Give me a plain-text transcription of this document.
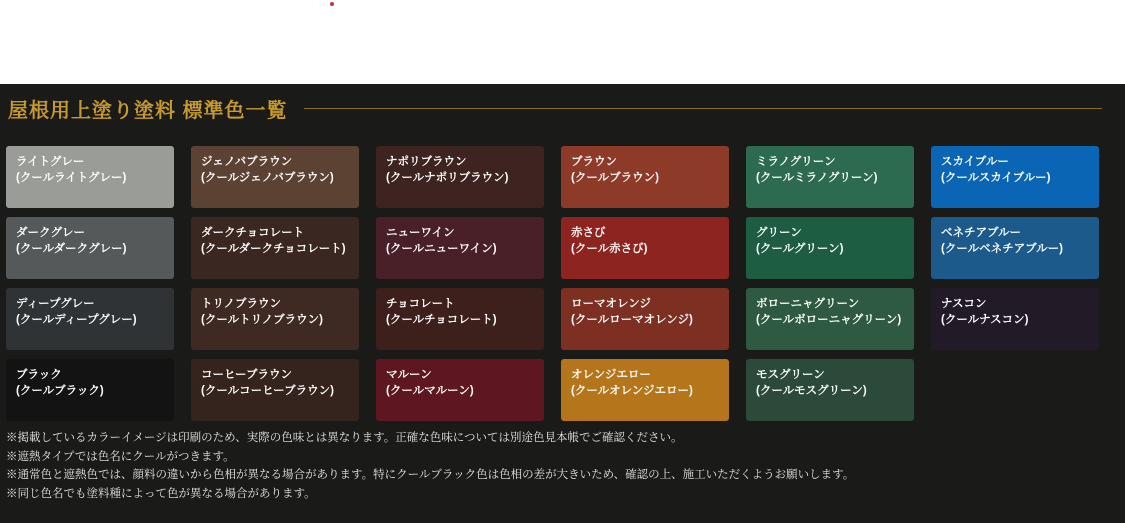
屋根用上塗り塗料 標準色一覧
ライトグレー
(クールライトグレー)
ジェノバブラウン
(クールジェノバブラウン)
ナポリブラウン
(クールナポリブラウン)
ブラウン
(クールブラウン)
ミラノグリーン
(クールミラノグリーン)
スカイブルー
(クールスカイブルー)
ダークグレー
(クールダークグレー)
ダークチョコレート
(クールダークチョコレート)
ニューワイン
(クールニューワイン)
赤さび
(クール赤さび)
グリーン
(クールグリーン)
ベネチアブルー
(クールベネチアブルー)
ディープグレー
(クールディープグレー)
トリノブラウン
(クールトリノブラウン)
チョコレート
(クールチョコレート)
ローマオレンジ
(クールローマオレンジ)
ボローニャグリーン
(クールボローニャグリーン)
ナスコン
(クールナスコン)
ブラック
(クールブラック)
コーヒーブラウン
(クールコーヒーブラウン)
マルーン
(クールマルーン)
オレンジエロー
(クールオレンジエロー)
モスグリーン
(クールモスグリーン)
※掲載しているカラーイメージは印刷のため、実際の色味とは異なります。正確な色味については別途色見本帳でご確認ください。
※遮熱タイプでは色名にクールがつきます。
※通常色と遮熱色では、顔料の違いから色相が異なる場合があります。特にクールブラック色は色相の差が大きいため、確認の上、施工いただくようお願いします。
※同じ色名でも塗料種によって色が異なる場合があります。
